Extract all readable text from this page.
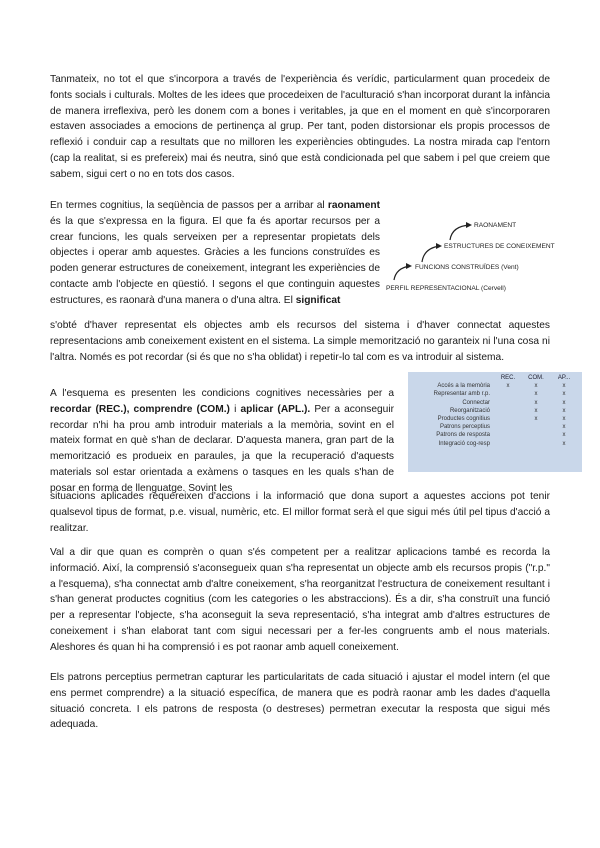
Tanmateix, no tot el que s'incorpora a través de l'experiència és verídic, particularment quan procedeix de fonts socials i culturals. Moltes de les idees que procedeixen de l'aculturació s'han incorporat durant la infància de manera irreflexiva, però les donem com a bones i veritables, ja que en el moment en què s'incorporaren estaven associades a emocions de pertinença al grup. Per tant, poden distorsionar els propis processos de reflexió i conduir cap a resultats que no milloren les experiències obtingudes. La nostra mirada cap l'entorn (cap la realitat, si es prefereix) mai és neutra, sinó que està condicionada pel que sabem i pel que creiem que sabem, sigui cert o no en tots dos casos.

En termes cognitius, la seqüència de passos per a arribar al raonament és la que s'expressa en la figura. El que fa és aportar recursos per a crear funcions, les quals serveixen per a representar propietats dels objectes i operar amb aquestes. Gràcies a les funcions construïdes es poden generar estructures de coneixement, integrant les experiències de contacte amb l'objecte en qüestió. I segons el que continguin aquestes estructures, es raonarà d'una manera o d'una altra. El significat

s'obté d'haver representat els objectes amb els recursos del sistema i d'haver connectat aquestes representacions amb coneixement existent en el sistema. La simple memorització no garanteix ni l'una cosa ni l'altra. Només es pot recordar (si és que no s'ha oblidat) i repetir-lo tal com es va introduir al sistema.

RAONAMENT
ESTRUCTURES DE CONEIXEMENT
FUNCIONS CONSTRUÏDES (Vent)
PERFIL REPRESENTACIONAL (Cervell)

A l'esquema es presenten les condicions cognitives necessàries per a recordar (REC.), comprendre (COM.) i aplicar (APL.). Per a aconseguir recordar n'hi ha prou amb introduir materials a la memòria, sovint en el mateix format en què s'han de declarar. D'aquesta manera, gran part de la memorització es produeix en paraules, ja que la recuperació d'aquests materials sol estar orientada a exàmens o tasques en les quals s'han de posar en forma de llenguatge. Sovint les

situacions aplicades requereixen d'accions i la informació que dona suport a aquestes accions pot tenir qualsevol tipus de format, p.e. visual, numèric, etc. El millor format serà el que sigui més útil pel tipus d'acció a realitzar.

	REC.	COM.	AP...
Accés a la memòria	x	x	x
Representar amb r.p.		x	x
Connectar		x	x
Reorganització		x	x
Productes cognitius		x	x
Patrons perceptius			x
Patrons de resposta			x
Integració cog-resp			x

Val a dir que quan es comprèn o quan s'és competent per a realitzar aplicacions també es recorda la informació. Així, la comprensió s'aconsegueix quan s'ha representat un objecte amb els recursos propis ("r.p." a l'esquema), s'ha connectat amb d'altre coneixement, s'ha reorganitzat l'estructura de coneixement resultant i s'han generat productes cognitius (com les categories o les abstraccions). És a dir, s'ha construït una funció per a representar l'objecte, s'ha aconseguit la seva representació, s'ha integrat amb d'altres estructures de coneixement i s'han elaborat tant com sigui necessari per a fer-les congruents amb el nous materials. Aleshores és quan hi ha comprensió i es pot raonar amb aquell coneixement.

Els patrons perceptius permetran capturar les particularitats de cada situació i ajustar el model intern (el que ens permet comprendre) a la situació específica, de manera que es podrà raonar amb les dades d'aquella situació concreta. I els patrons de resposta (o destreses) permetran executar la resposta que sigui més adequada.
